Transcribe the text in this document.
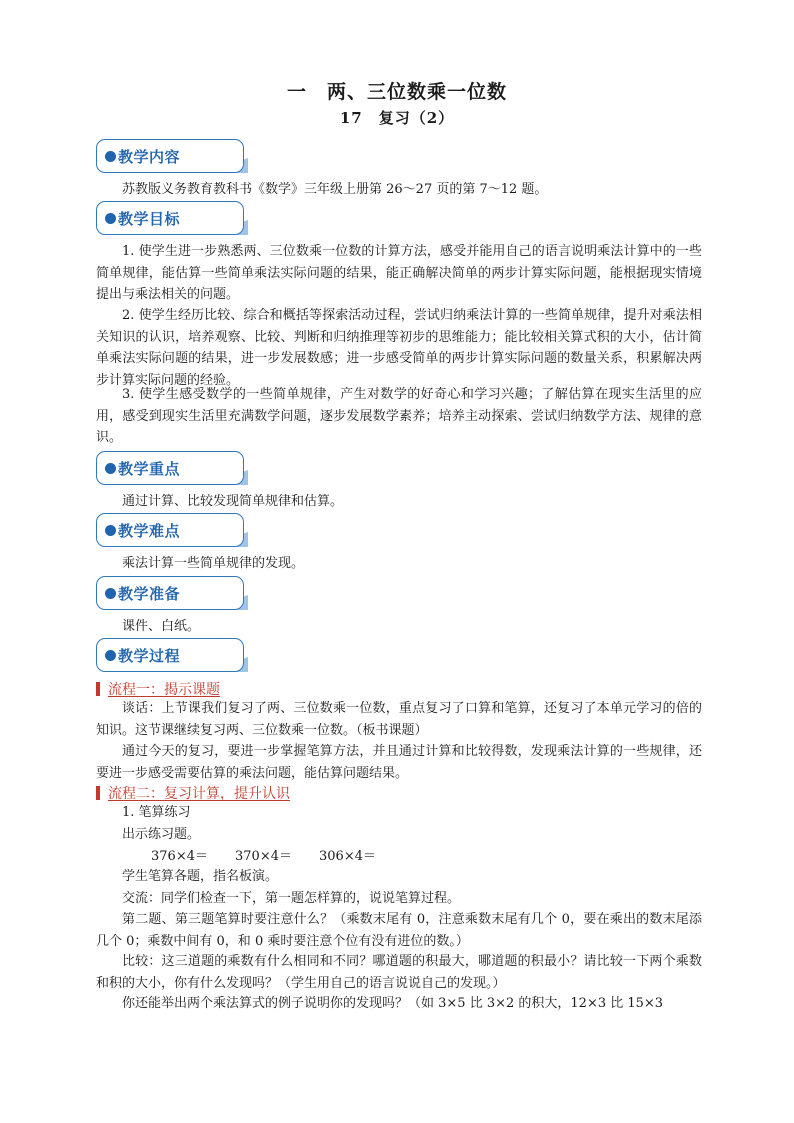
一　两、三位数乘一位数
17　复习（2）
教学内容

苏教版义务教育教科书《数学》三年级上册第 26～27 页的第 7～12 题。

教学目标

1. 使学生进一步熟悉两、三位数乘一位数的计算方法，感受并能用自己的语言说明乘法计算中的一些简单规律，能估算一些简单乘法实际问题的结果，能正确解决简单的两步计算实际问题，能根据现实情境提出与乘法相关的问题。

2. 使学生经历比较、综合和概括等探索活动过程，尝试归纳乘法计算的一些简单规律，提升对乘法相关知识的认识，培养观察、比较、判断和归纳推理等初步的思维能力；能比较相关算式积的大小，估计简单乘法实际问题的结果，进一步发展数感；进一步感受简单的两步计算实际问题的数量关系，积累解决两步计算实际问题的经验。

3. 使学生感受数学的一些简单规律，产生对数学的好奇心和学习兴趣；了解估算在现实生活里的应用，感受到现实生活里充满数学问题，逐步发展数学素养；培养主动探索、尝试归纳数学方法、规律的意识。

教学重点

通过计算、比较发现简单规律和估算。

教学难点

乘法计算一些简单规律的发现。

教学准备

课件、白纸。

教学过程
流程一：揭示课题

谈话：上节课我们复习了两、三位数乘一位数，重点复习了口算和笔算，还复习了本单元学习的倍的知识。这节课继续复习两、三位数乘一位数。（板书课题）

通过今天的复习，要进一步掌握笔算方法，并且通过计算和比较得数，发现乘法计算的一些规律，还要进一步感受需要估算的乘法问题，能估算问题结果。

流程二：复习计算，提升认识

1. 笔算练习

出示练习题。

376×4＝ 370×4＝ 306×4＝

学生笔算各题，指名板演。

交流：同学们检查一下，第一题怎样算的，说说笔算过程。

第二题、第三题笔算时要注意什么？（乘数末尾有 0，注意乘数末尾有几个 0，要在乘出的数末尾添几个 0；乘数中间有 0，和 0 乘时要注意个位有没有进位的数。）

比较：这三道题的乘数有什么相同和不同？哪道题的积最大，哪道题的积最小？请比较一下两个乘数和积的大小，你有什么发现吗？（学生用自己的语言说说自己的发现。）

你还能举出两个乘法算式的例子说明你的发现吗？（如 3×5 比 3×2 的积大，12×3 比 15×3
